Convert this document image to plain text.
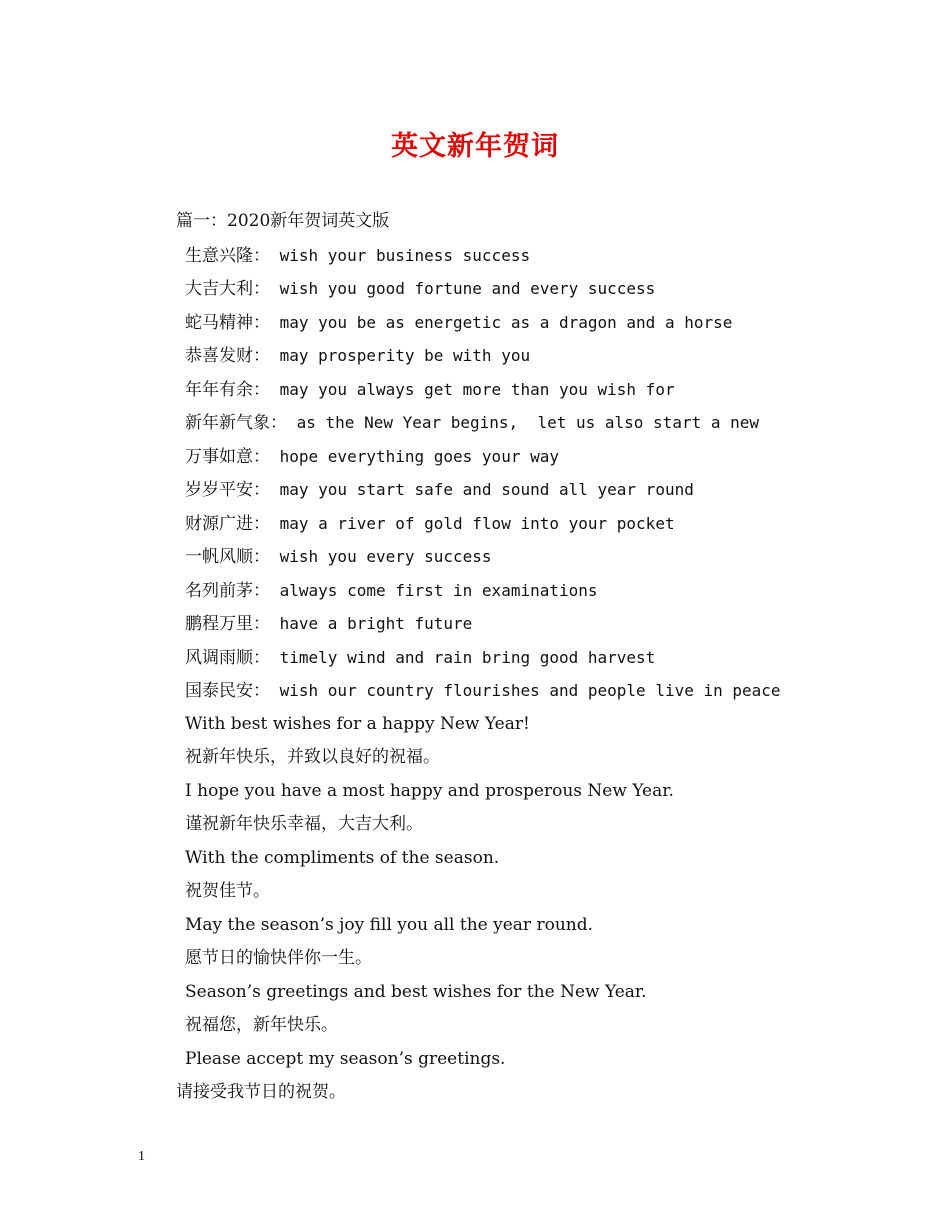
英文新年贺词
篇一：2020新年贺词英文版
生意兴隆： wish your business success
大吉大利： wish you good fortune and every success
蛇马精神： may you be as energetic as a dragon and a horse
恭喜发财： may prosperity be with you
年年有余： may you always get more than you wish for
新年新气象： as the New Year begins,  let us also start a new
万事如意： hope everything goes your way
岁岁平安： may you start safe and sound all year round
财源广进： may a river of gold flow into your pocket
一帆风顺： wish you every success
名列前茅： always come first in examinations
鹏程万里： have a bright future
风调雨顺： timely wind and rain bring good harvest
国泰民安： wish our country flourishes and people live in peace
With best wishes for a happy New Year!
祝新年快乐，并致以良好的祝福。
I hope you have a most happy and prosperous New Year.
谨祝新年快乐幸福，大吉大利。
With the compliments of the season.
祝贺佳节。
May the season’s joy fill you all the year round.
愿节日的愉快伴你一生。
Season’s greetings and best wishes for the New Year.
祝福您，新年快乐。
Please accept my season’s greetings.
请接受我节日的祝贺。
1
